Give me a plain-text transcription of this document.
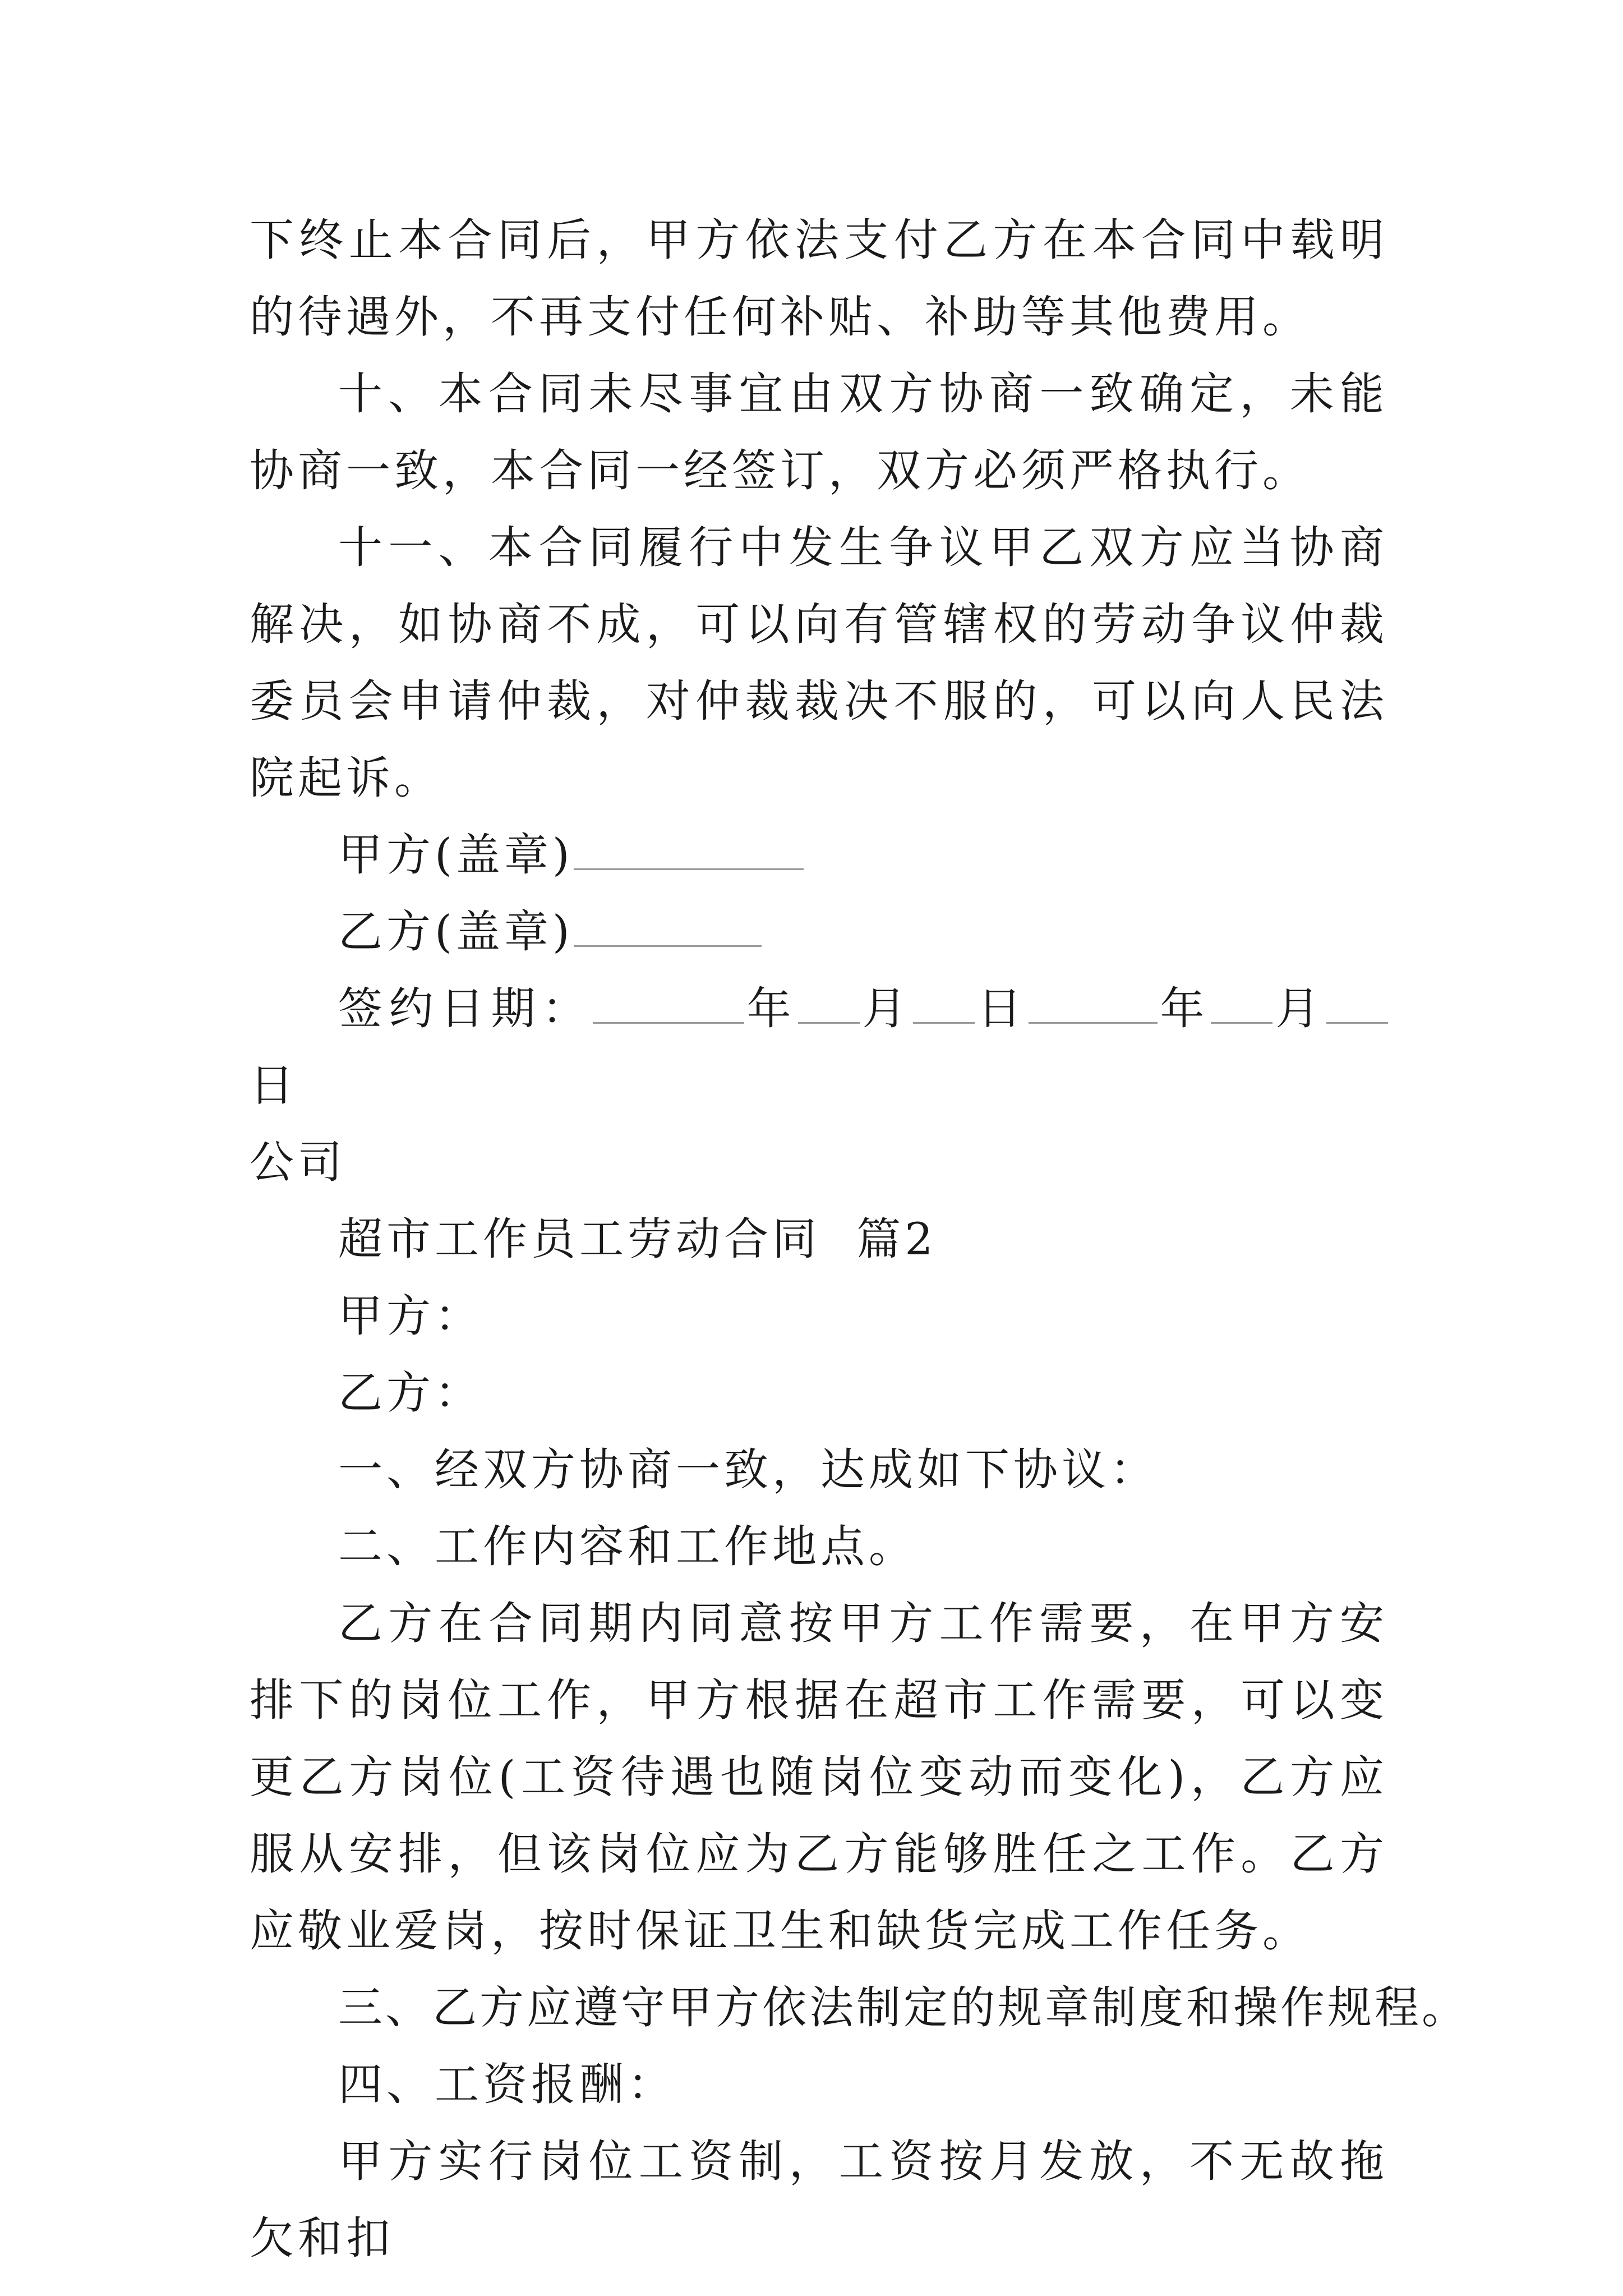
下终止本合同后，甲方依法支付乙方在本合同中载明的待遇外，不再支付任何补贴、补助等其他费用。

十、本合同未尽事宜由双方协商一致确定，未能协商一致，本合同一经签订，双方必须严格执行。

十一、本合同履行中发生争议甲乙双方应当协商解决，如协商不成，可以向有管辖权的劳动争议仲裁委员会申请仲裁，对仲裁裁决不服的，可以向人民法院起诉。

甲方(盖章)

乙方(盖章)

签约日期：	年 月 日	年 月日

公司

超市工作员工劳动合同  篇2

甲方：

乙方：

一、经双方协商一致，达成如下协议：

二、工作内容和工作地点。

乙方在合同期内同意按甲方工作需要，在甲方安排下的岗位工作，甲方根据在超市工作需要，可以变更乙方岗位(工资待遇也随岗位变动而变化)，乙方应服从安排，但该岗位应为乙方能够胜任之工作。乙方应敬业爱岗，按时保证卫生和缺货完成工作任务。

三、乙方应遵守甲方依法制定的规章制度和操作规程。

四、工资报酬：

甲方实行岗位工资制，工资按月发放，不无故拖欠和扣
